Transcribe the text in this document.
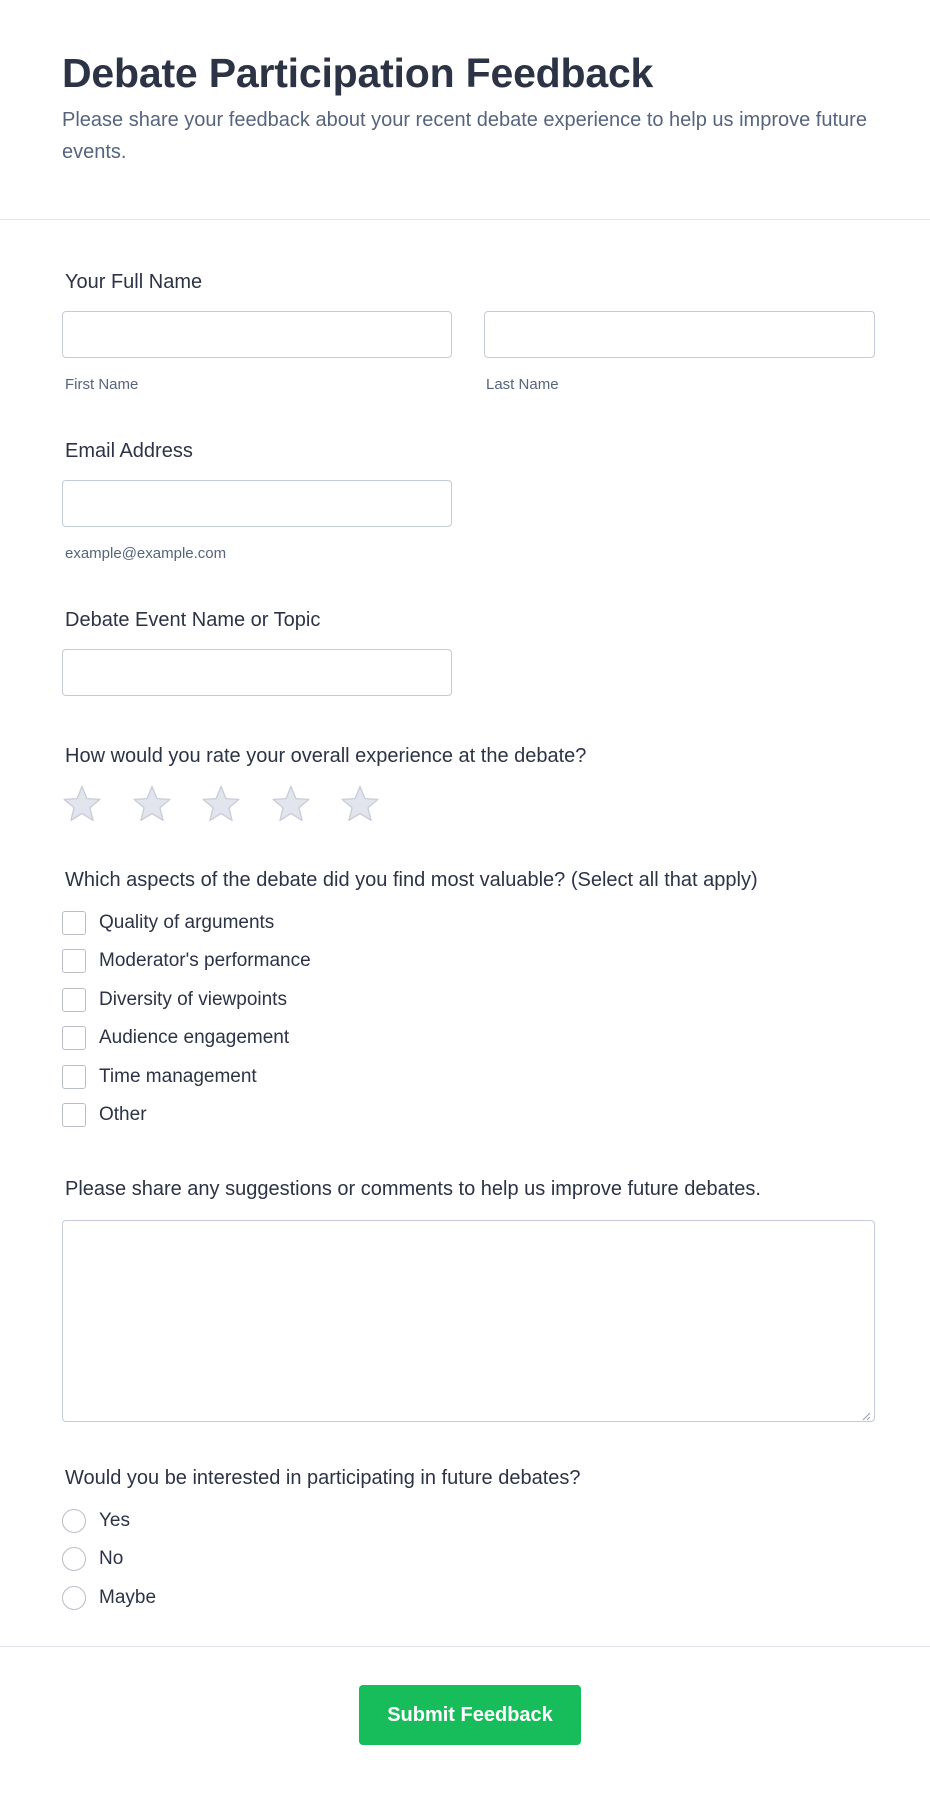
Debate Participation Feedback

Please share your feedback about your recent debate experience to help us improve future events.

Your Full Name
First Name	Last Name
Email Address
example@example.com
Debate Event Name or Topic
How would you rate your overall experience at the debate?
Which aspects of the debate did you find most valuable? (Select all that apply)
Quality of arguments
Moderator's performance
Diversity of viewpoints
Audience engagement
Time management
Other
Please share any suggestions or comments to help us improve future debates.
Would you be interested in participating in future debates?
Yes
No
Maybe
Submit Feedback
